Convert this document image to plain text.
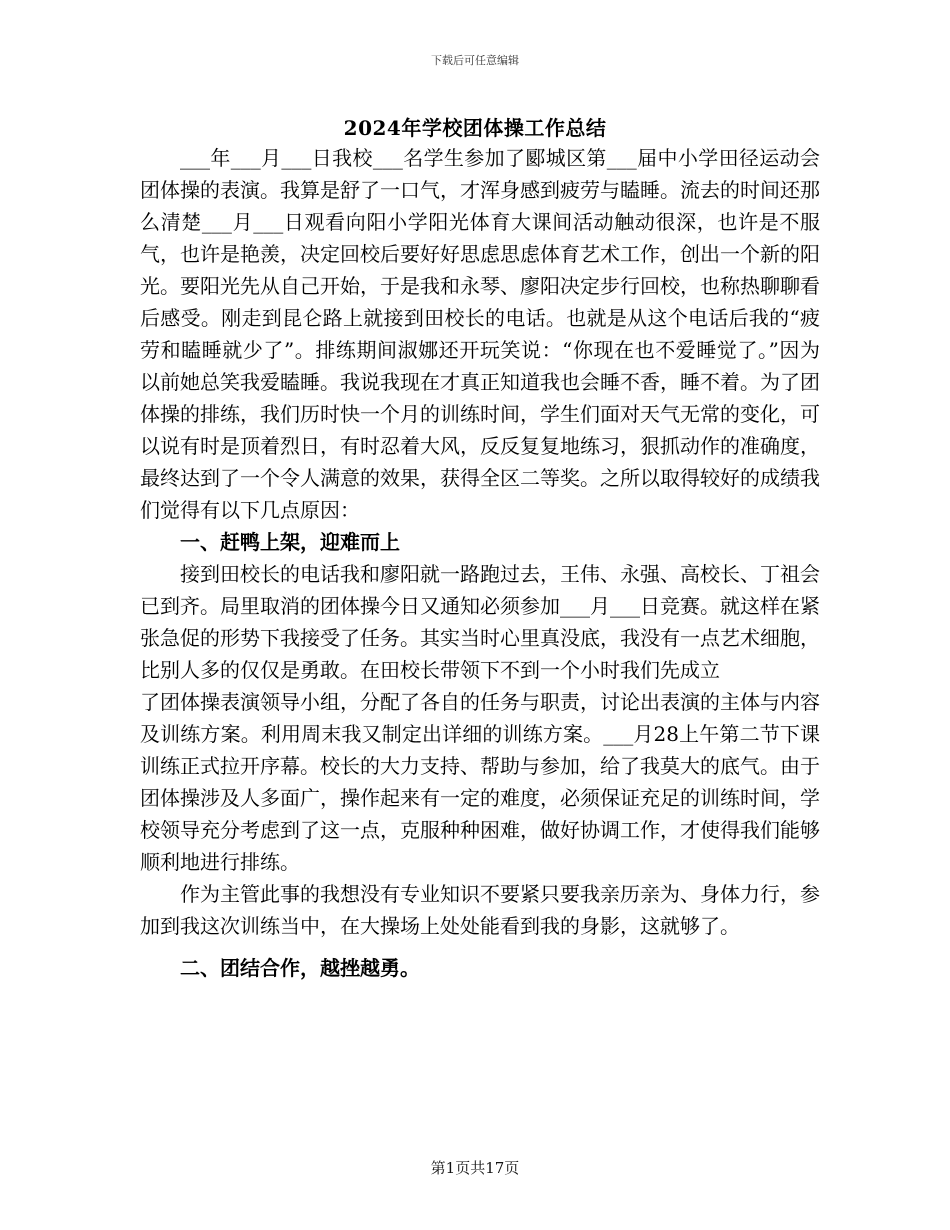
下载后可任意编辑
2024年学校团体操工作总结

___年___月___日我校___名学生参加了郾城区第___届中小学田径运动会团体操的表演。我算是舒了一口气，才浑身感到疲劳与瞌睡。流去的时间还那么清楚___月___日观看向阳小学阳光体育大课间活动触动很深，也许是不服气，也许是艳羡，决定回校后要好好思虑思虑体育艺术工作，创出一个新的阳光。要阳光先从自己开始，于是我和永琴、廖阳决定步行回校，也称热聊聊看后感受。刚走到昆仑路上就接到田校长的电话。也就是从这个电话后我的“疲劳和瞌睡就少了”。排练期间淑娜还开玩笑说：“你现在也不爱睡觉了。”因为以前她总笑我爱瞌睡。我说我现在才真正知道我也会睡不香，睡不着。为了团体操的排练，我们历时快一个月的训练时间，学生们面对天气无常的变化，可以说有时是顶着烈日，有时忍着大风，反反复复地练习，狠抓动作的准确度，最终达到了一个令人满意的效果，获得全区二等奖。之所以取得较好的成绩我们觉得有以下几点原因：

一、赶鸭上架，迎难而上

接到田校长的电话我和廖阳就一路跑过去，王伟、永强、高校长、丁祖会已到齐。局里取消的团体操今日又通知必须参加___月___日竞赛。就这样在紧张急促的形势下我接受了任务。其实当时心里真没底，我没有一点艺术细胞，比别人多的仅仅是勇敢。在田校长带领下不到一个小时我们先成立

了团体操表演领导小组，分配了各自的任务与职责，讨论出表演的主体与内容及训练方案。利用周末我又制定出详细的训练方案。___月28上午第二节下课训练正式拉开序幕。校长的大力支持、帮助与参加，给了我莫大的底气。由于团体操涉及人多面广，操作起来有一定的难度，必须保证充足的训练时间，学校领导充分考虑到了这一点，克服种种困难，做好协调工作，才使得我们能够顺利地进行排练。

作为主管此事的我想没有专业知识不要紧只要我亲历亲为、身体力行，参加到我这次训练当中，在大操场上处处能看到我的身影，这就够了。

二、团结合作，越挫越勇。
第1页共17页
